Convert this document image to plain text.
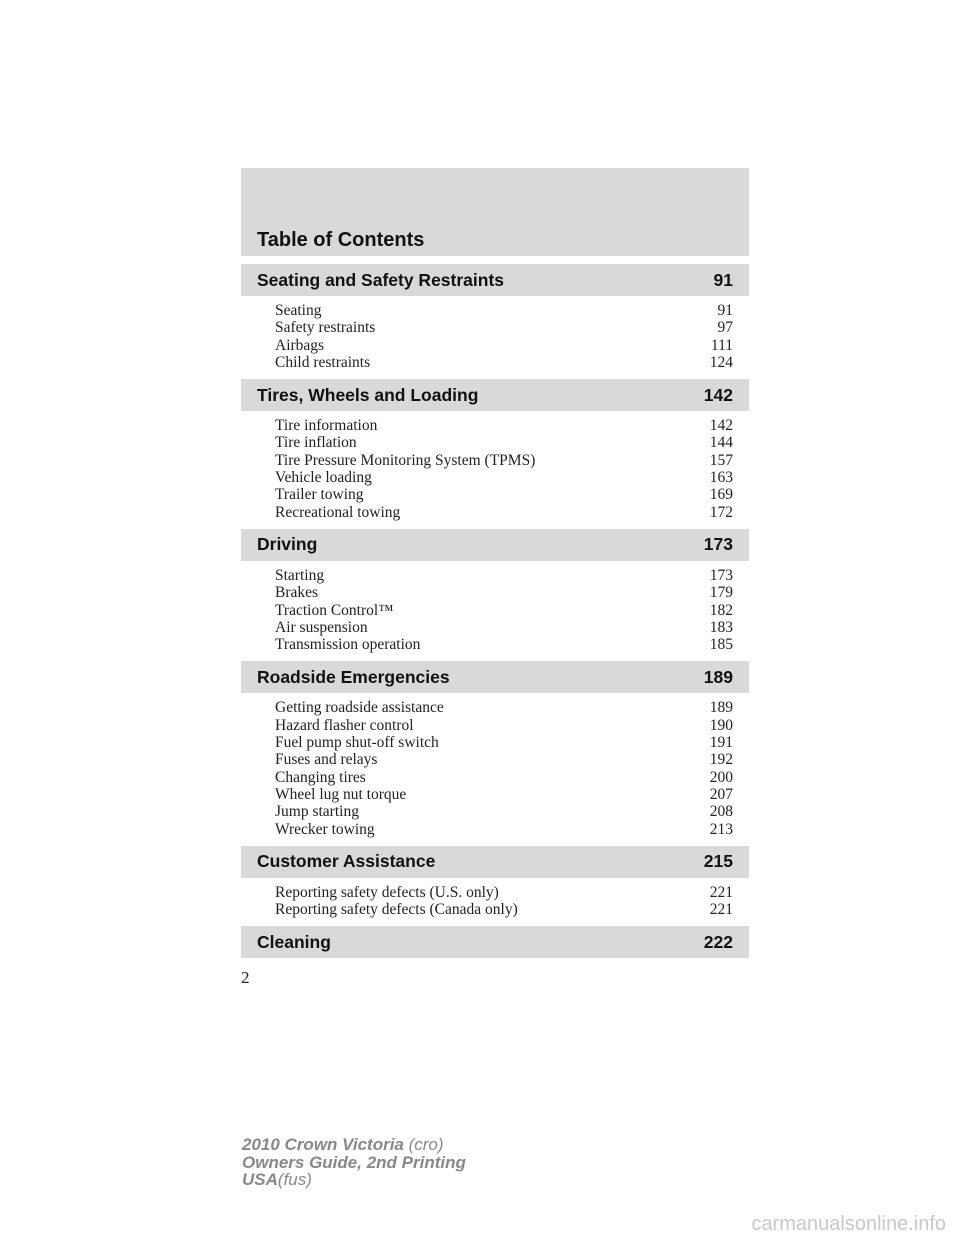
Table of Contents
Seating and Safety Restraints	91
Seating	91
Safety restraints	97
Airbags	111
Child restraints	124
Tires, Wheels and Loading	142
Tire information	142
Tire inflation	144
Tire Pressure Monitoring System (TPMS)	157
Vehicle loading	163
Trailer towing	169
Recreational towing	172
Driving	173
Starting	173
Brakes	179
Traction Control™	182
Air suspension	183
Transmission operation	185
Roadside Emergencies	189
Getting roadside assistance	189
Hazard flasher control	190
Fuel pump shut-off switch	191
Fuses and relays	192
Changing tires	200
Wheel lug nut torque	207
Jump starting	208
Wrecker towing	213
Customer Assistance	215
Reporting safety defects (U.S. only)	221
Reporting safety defects (Canada only)	221
Cleaning	222
2
2010 Crown Victoria (cro)
Owners Guide, 2nd Printing
USA(fus)
carmanualsonline.info
